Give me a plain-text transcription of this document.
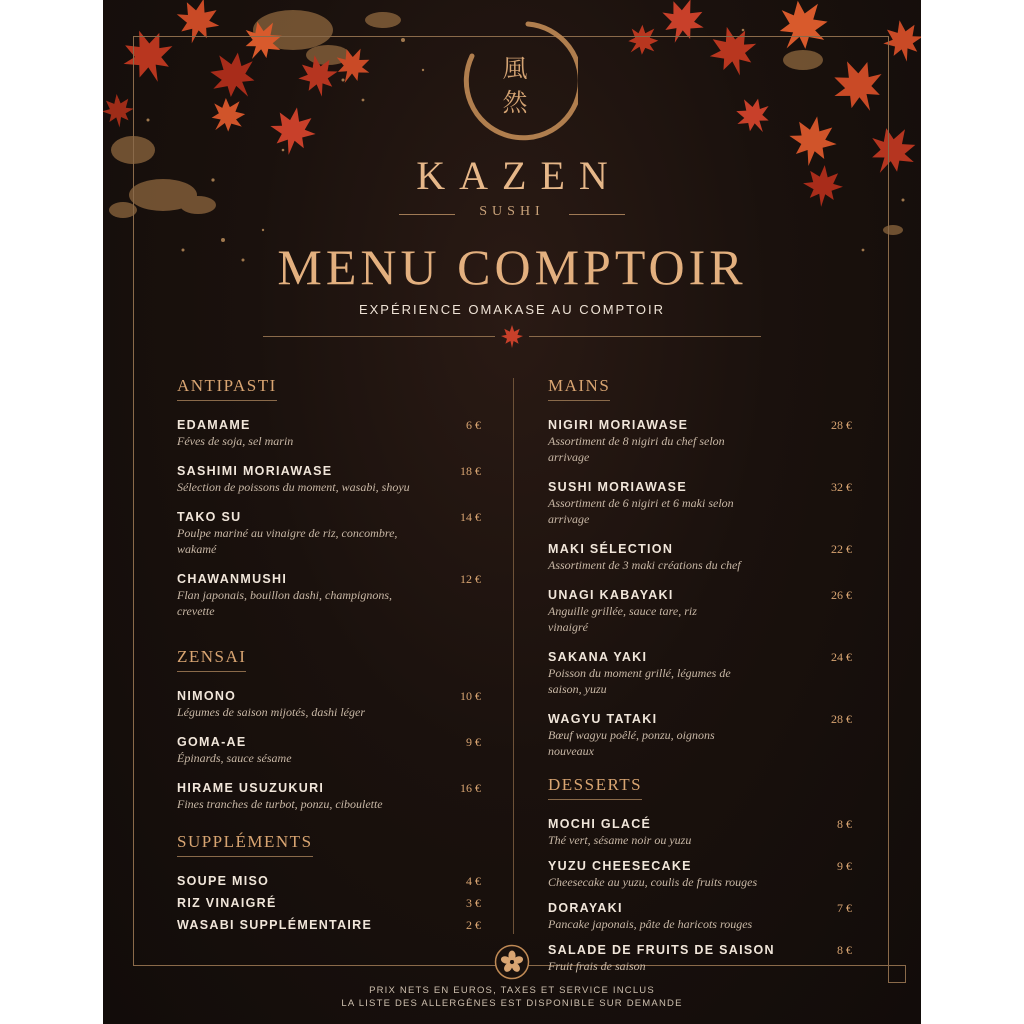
風
然
KAZEN
SUSHI
MENU COMPTOIR
EXPÉRIENCE OMAKASE AU COMPTOIR
ANTIPASTI
EDAMAME	6 €
Féves de soja, sel marin
SASHIMI MORIAWASE	18 €
Sélection de poissons du moment, wasabi, shoyu
TAKO SU	14 €
Poulpe mariné au vinaigre de riz, concombre, wakamé
CHAWANMUSHI	12 €
Flan japonais, bouillon dashi, champignons, crevette
ZENSAI
NIMONO	10 €
Légumes de saison mijotés, dashi léger
GOMA-AE	9 €
Épinards, sauce sésame
HIRAME USUZUKURI	16 €
Fines tranches de turbot, ponzu, ciboulette
SUPPLÉMENTS
SOUPE MISO	4 €
RIZ VINAIGRÉ	3 €
WASABI SUPPLÉMENTAIRE	2 €
MAINS
NIGIRI MORIAWASE	28 €
Assortiment de 8 nigiri du chef selon arrivage
SUSHI MORIAWASE	32 €
Assortiment de 6 nigiri et 6 maki selon arrivage
MAKI SÉLECTION	22 €
Assortiment de 3 maki créations du chef
UNAGI KABAYAKI	26 €
Anguille grillée, sauce tare, riz vinaigré
SAKANA YAKI	24 €
Poisson du moment grillé, légumes de saison, yuzu
WAGYU TATAKI	28 €
Bœuf wagyu poêlé, ponzu, oignons nouveaux
DESSERTS
MOCHI GLACÉ	8 €
Thé vert, sésame noir ou yuzu
YUZU CHEESECAKE	9 €
Cheesecake au yuzu, coulis de fruits rouges
DORAYAKI	7 €
Pancake japonais, pâte de haricots rouges
SALADE DE FRUITS DE SAISON	8 €
Fruit frais de saison
PRIX NETS EN EUROS, TAXES ET SERVICE INCLUS
LA LISTE DES ALLERGÈNES EST DISPONIBLE SUR DEMANDE
